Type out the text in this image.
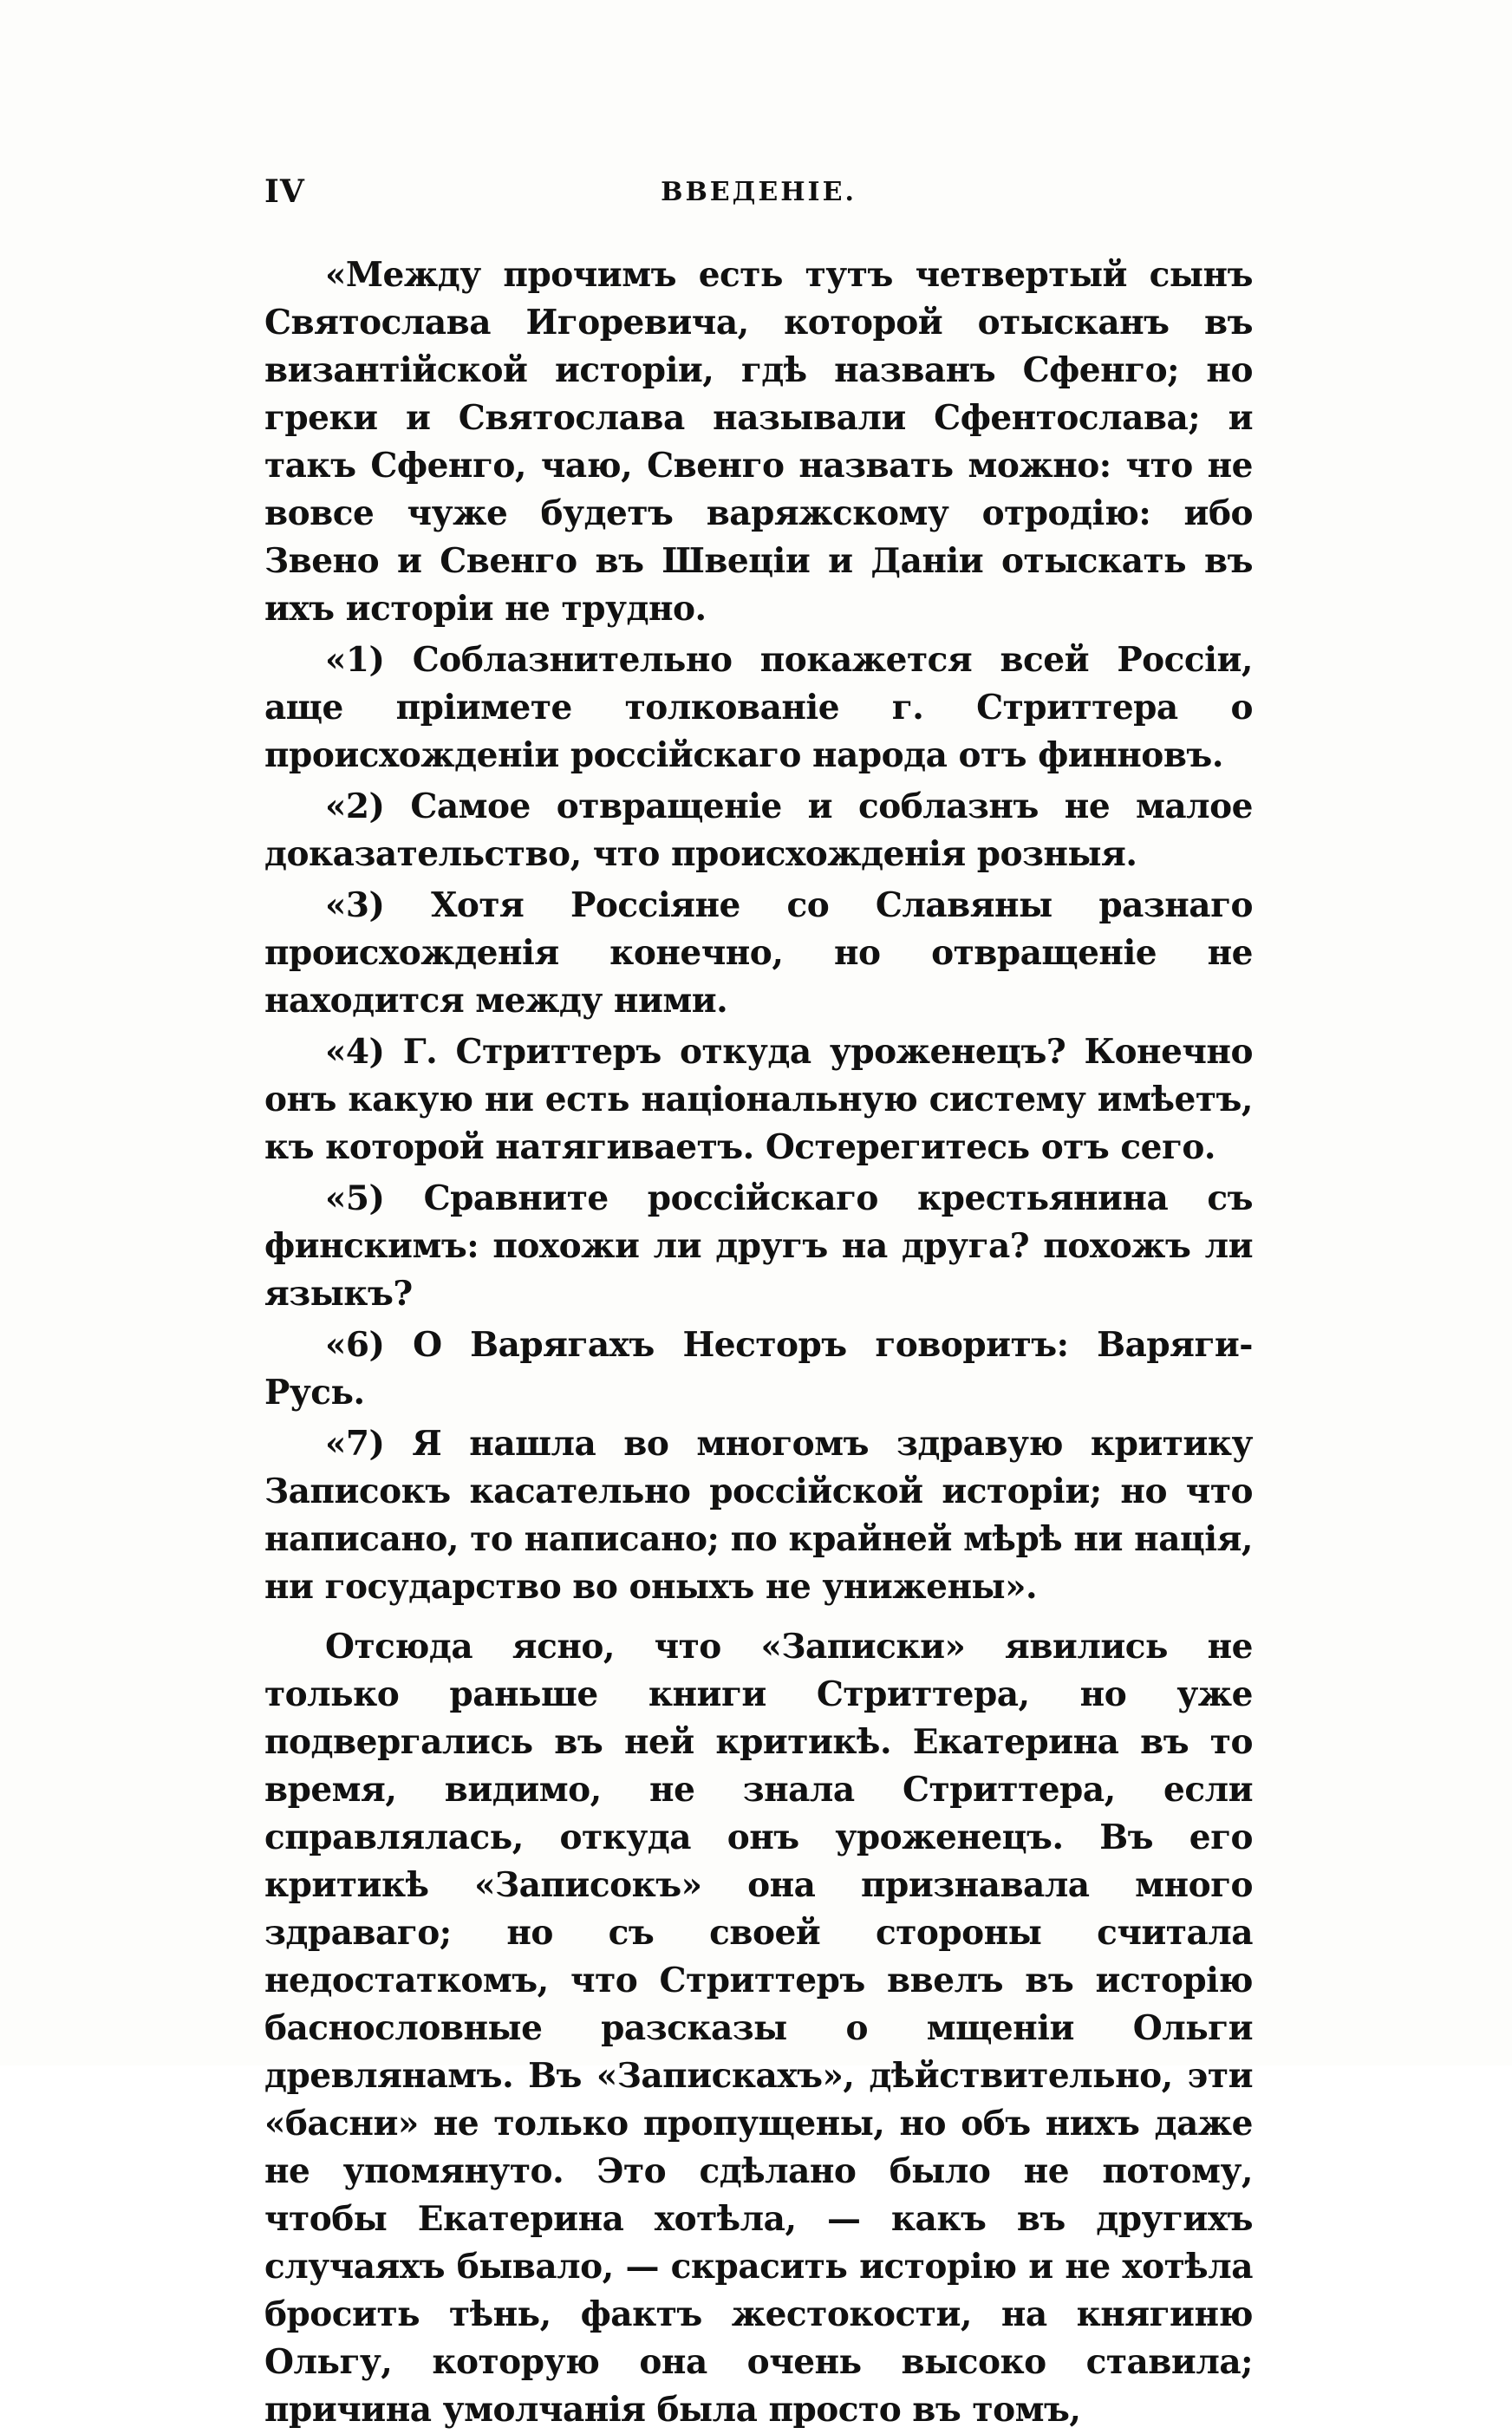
IV	ВВЕДЕНІЕ.

«Между прочимъ есть тутъ четвертый сынъ Святослава Игоревича, которой отысканъ въ византійской исторіи, гдѣ названъ Сфенго; но греки и Святослава называли Сфентослава; и такъ Сфенго, чаю, Свенго назвать можно: что не вовсе чуже будетъ варяжскому отродію: ибо Звено и Свенго въ Швеціи и Даніи отыскать въ ихъ исторіи не трудно.

«1) Соблазнительно покажется всей Россіи, аще пріимете толкованіе г. Стриттера о происхожденіи россійскаго народа отъ финновъ.

«2) Самое отвращеніе и соблазнъ не малое доказательство, что происхожденія розныя.

«3) Хотя Россіяне со Славяны разнаго происхожденія конечно, но отвращеніе не находится между ними.

«4) Г. Стриттеръ откуда уроженецъ? Конечно онъ какую ни есть національную систему имѣетъ, къ которой натягиваетъ. Остерегитесь отъ сего.

«5) Сравните россійскаго крестьянина съ финскимъ: похожи ли другъ на друга? похожъ ли языкъ?

«6) О Варягахъ Несторъ говоритъ: Варяги-Русь.

«7) Я нашла во многомъ здравую критику Записокъ касательно россійской исторіи; но что написано, то написано; по крайней мѣрѣ ни нація, ни государство во оныхъ не унижены».

Отсюда ясно, что «Записки» явились не только раньше книги Стриттера, но уже подвергались въ ней критикѣ. Екатерина въ то время, видимо, не знала Стриттера, если справлялась, откуда онъ уроженецъ. Въ его критикѣ «Записокъ» она признавала много здраваго; но съ своей стороны считала недостаткомъ, что Стриттеръ ввелъ въ исторію баснословные разсказы о мщеніи Ольги древлянамъ. Въ «Запискахъ», дѣйствительно, эти «басни» не только пропущены, но объ нихъ даже не упомянуто. Это сдѣлано было не потому, чтобы Екатерина хотѣла, — какъ въ другихъ случаяхъ бывало, — скрасить исторію и не хотѣла бросить тѣнь, фактъ жестокости, на княгиню Ольгу, которую она очень высоко ставила; причина умолчанія была просто въ томъ,
